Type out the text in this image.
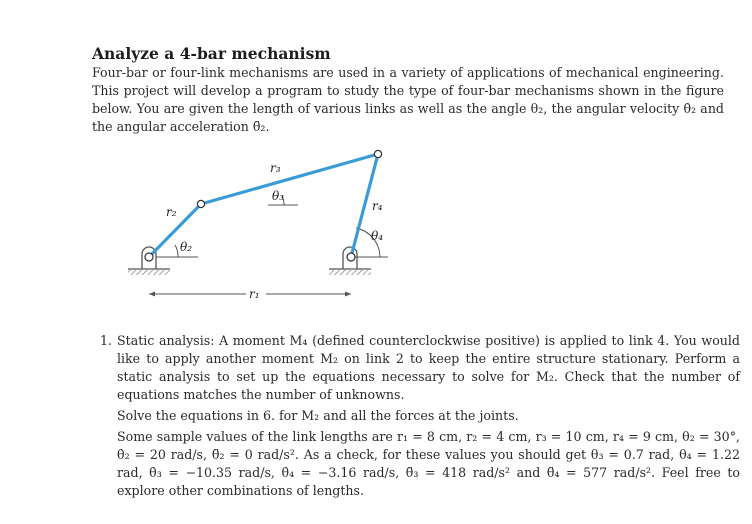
Analyze a 4-bar mechanism
Four-bar or four-link mechanisms are used in a variety of applications of mechanical engineering. This project will develop a program to study the type of four-bar mechanisms shown in the figure below. You are given the length of various links as well as the angle θ₂, the angular velocity θ̇₂ and the angular acceleration θ̈₂.
r₁
r₂
r₃
r₄
θ₂
θ₃
θ₄
1. Static analysis: A moment M₄ (defined counterclockwise positive) is applied to link 4. You would like to apply another moment M₂ on link 2 to keep the entire structure stationary. Perform a static analysis to set up the equations necessary to solve for M₂. Check that the number of equations matches the number of unknowns.

Solve the equations in 6. for M₂ and all the forces at the joints.

Some sample values of the link lengths are r₁ = 8 cm, r₂ = 4 cm, r₃ = 10 cm, r₄ = 9 cm, θ₂ = 30°, θ̇₂ = 20 rad/s, θ̈₂ = 0 rad/s². As a check, for these values you should get θ₃ = 0.7 rad, θ₄ = 1.22 rad, θ̇₃ = −10.35 rad/s, θ̇₄ = −3.16 rad/s, θ̈₃ = 418 rad/s² and θ̈₄ = 577 rad/s². Feel free to explore other combinations of lengths.
